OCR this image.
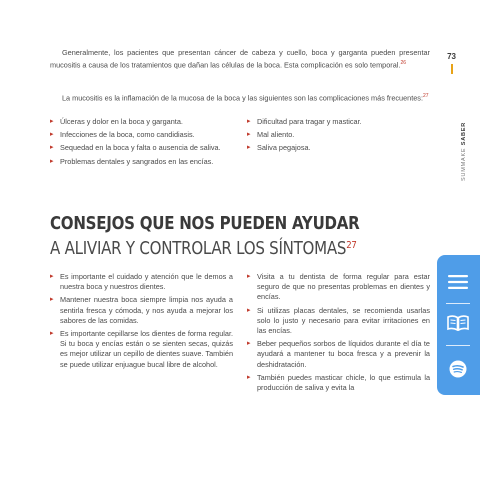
Generalmente, los pacientes que presentan cáncer de cabeza y cuello, boca y garganta pueden presentar mucositis a causa de los tratamientos que dañan las células de la boca. Esta complicación es solo temporal.$^{26}$

La mucositis es la inflamación de la mucosa de la boca y las siguientes son las complicaciones más frecuentes:$^{27}$

▸ Úlceras y dolor en la boca y garganta.
▸ Infecciones de la boca, como candidiasis.
▸ Sequedad en la boca y falta o ausencia de saliva.
▸ Problemas dentales y sangrados en las encías.
▸ Dificultad para tragar y masticar.
▸ Mal aliento.
▸ Saliva pegajosa.
CONSEJOS QUE NOS PUEDEN AYUDAR A ALIVIAR Y CONTROLAR LOS SÍNTOMAS$^{27}$
▸ Es importante el cuidado y atención que le demos a nuestra boca y nuestros dientes.
▸ Mantener nuestra boca siempre limpia nos ayuda a sentirla fresca y cómoda, y nos ayuda a mejorar los sabores de las comidas.
▸ Es importante cepillarse los dientes de forma regular. Si tu boca y encías están o se sienten secas, quizás es mejor utilizar un cepillo de dientes suave. También se puede utilizar enjuague bucal libre de alcohol.
▸ Visita a tu dentista de forma regular para estar seguro de que no presentas problemas en dientes y encías.
▸ Si utilizas placas dentales, se recomienda usarlas solo lo justo y necesario para evitar irritaciones en las encías.
▸ Beber pequeños sorbos de líquidos durante el día te ayudará a mantener tu boca fresca y a prevenir la deshidratación.
▸ También puedes masticar chicle, lo que estimula la producción de saliva y evita la
73
SUMMAKE SABER
